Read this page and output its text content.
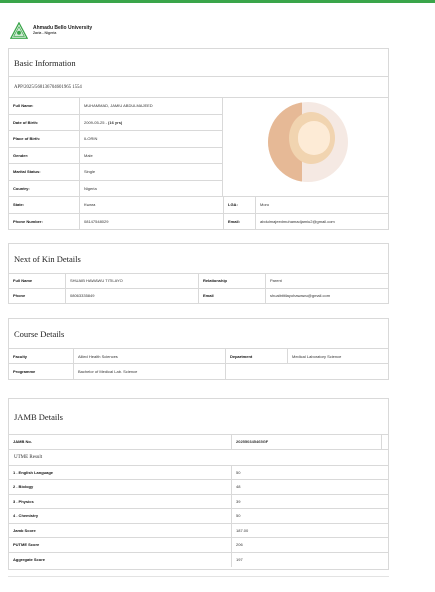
Ahmadu Bello University
Zaria - Nigeria
Basic Information
APP/2025/568136704601965 1554
Full Name:	MUHAMMAD, JAMIU ABDULMAJEED
Date of Birth:	2009-05-25 - (16 yrs)
Place of Birth:	ILORIN
Gender:	Male
Marital Status:	Single
Country:	Nigeria
State:	Kwara	LGA:	Moro
Phone Number:	08147548029	Email:	abdulmajeedmuhamadjamiu2@gmail.com
Next of Kin Details
Full Name	SHUAIB HAWAWU TITILAYO	Relationship	Parent
Phone	08063335849	Email	shuaibtitilayohawawu@gmail.com
Course Details
Faculty	Allied Health Sciences	Department	Medical Laboratory Science
Programme	Bachelor of Medical Lab. Science
JAMB Details
JAMB No.	202550345465GF
UTME Result
1 . English Language	50
2 . Biology	48
3 . Physics	39
4 . Chemistry	50
Jamb Score	187.00
PUTME Score	206
Aggregate Score	197
